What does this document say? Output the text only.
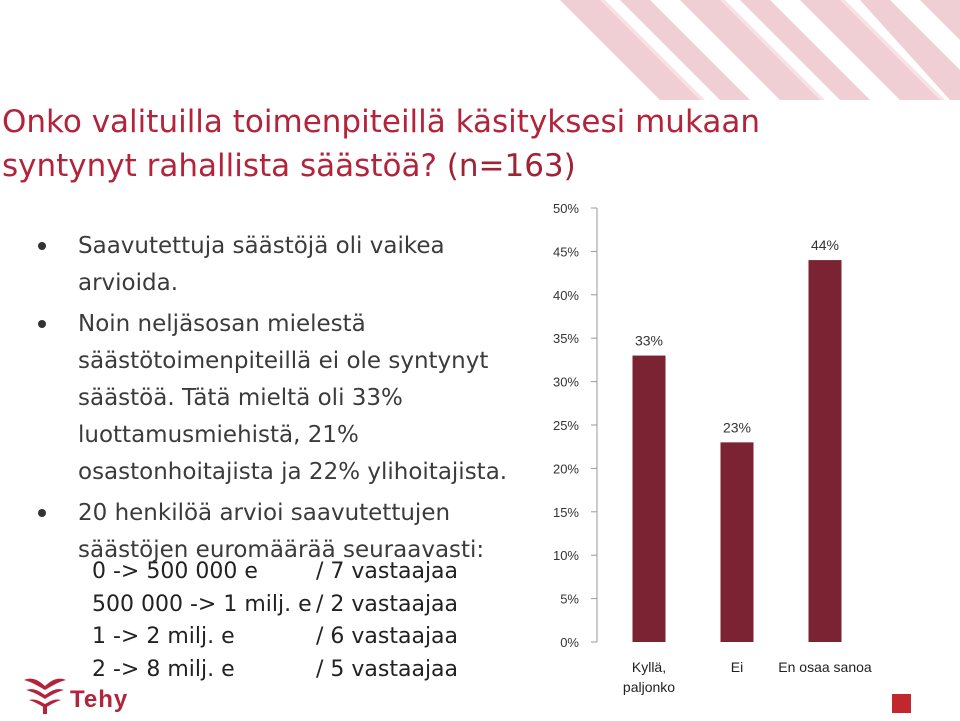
Onko valituilla toimenpiteillä käsityksesi mukaan
syntynyt rahallista säästöä? (n=163)
Saavutettuja säästöjä oli vaikea arvioida.
Noin neljäsosan mielestä säästötoimenpiteillä ei ole syntynyt säästöä. Tätä mieltä oli 33% luottamusmiehistä, 21% osastonhoitajista ja 22% ylihoitajista.
20 henkilöä arvioi saavutettujen säästöjen euromäärää seuraavasti:
0 -> 500 000 e	/ 7 vastaajaa
500 000 -> 1 milj. e / 2 vastaajaa
1 -> 2 milj. e	/ 6 vastaajaa
2 -> 8 milj. e	/ 5 vastaajaa
0%
5%
10%
15%
20%
25%
30%
35%
40%
45%
50%
33%
Kyllä, paljonko
23%
Ei
44%
En osaa sanoa
Tehy
